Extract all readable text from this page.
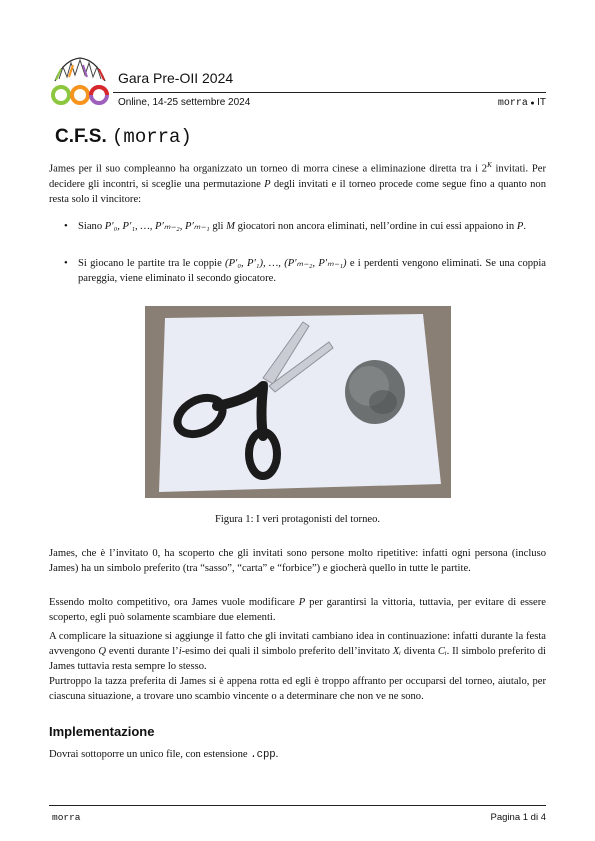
Gara Pre-OII 2024
Online, 14-25 settembre 2024	morra ● IT
C.F.S. (morra)
James per il suo compleanno ha organizzato un torneo di morra cinese a eliminazione diretta tra i $2^K$ invitati. Per decidere gli incontri, si sceglie una permutazione P degli invitati e il torneo procede come segue fino a quanto non resta solo il vincitore:
• Siano P′₀, P′₁, …, P′ₘ₋₂, P′ₘ₋₁ gli M giocatori non ancora eliminati, nell’ordine in cui essi appaiono in P.
• Si giocano le partite tra le coppie (P′₀, P′₁), …, (P′ₘ₋₂, P′ₘ₋₁) e i perdenti vengono eliminati. Se una coppia pareggia, viene eliminato il secondo giocatore.
Figura 1: I veri protagonisti del torneo.
James, che è l’invitato 0, ha scoperto che gli invitati sono persone molto ripetitive: infatti ogni persona (incluso James) ha un simbolo preferito (tra “sasso”, “carta” e “forbice”) e giocherà quello in tutte le partite.
Essendo molto competitivo, ora James vuole modificare P per garantirsi la vittoria, tuttavia, per evitare di essere scoperto, egli può solamente scambiare due elementi.
A complicare la situazione si aggiunge il fatto che gli invitati cambiano idea in continuazione: infatti durante la festa avvengono Q eventi durante l’i-esimo dei quali il simbolo preferito dell’invitato Xᵢ diventa Cᵢ. Il simbolo preferito di James tuttavia resta sempre lo stesso.
Purtroppo la tazza preferita di James si è appena rotta ed egli è troppo affranto per occuparsi del torneo, aiutalo, per ciascuna situazione, a trovare uno scambio vincente o a determinare che non ve ne sono.
Implementazione
Dovrai sottoporre un unico file, con estensione .cpp.
morra	Pagina 1 di 4
